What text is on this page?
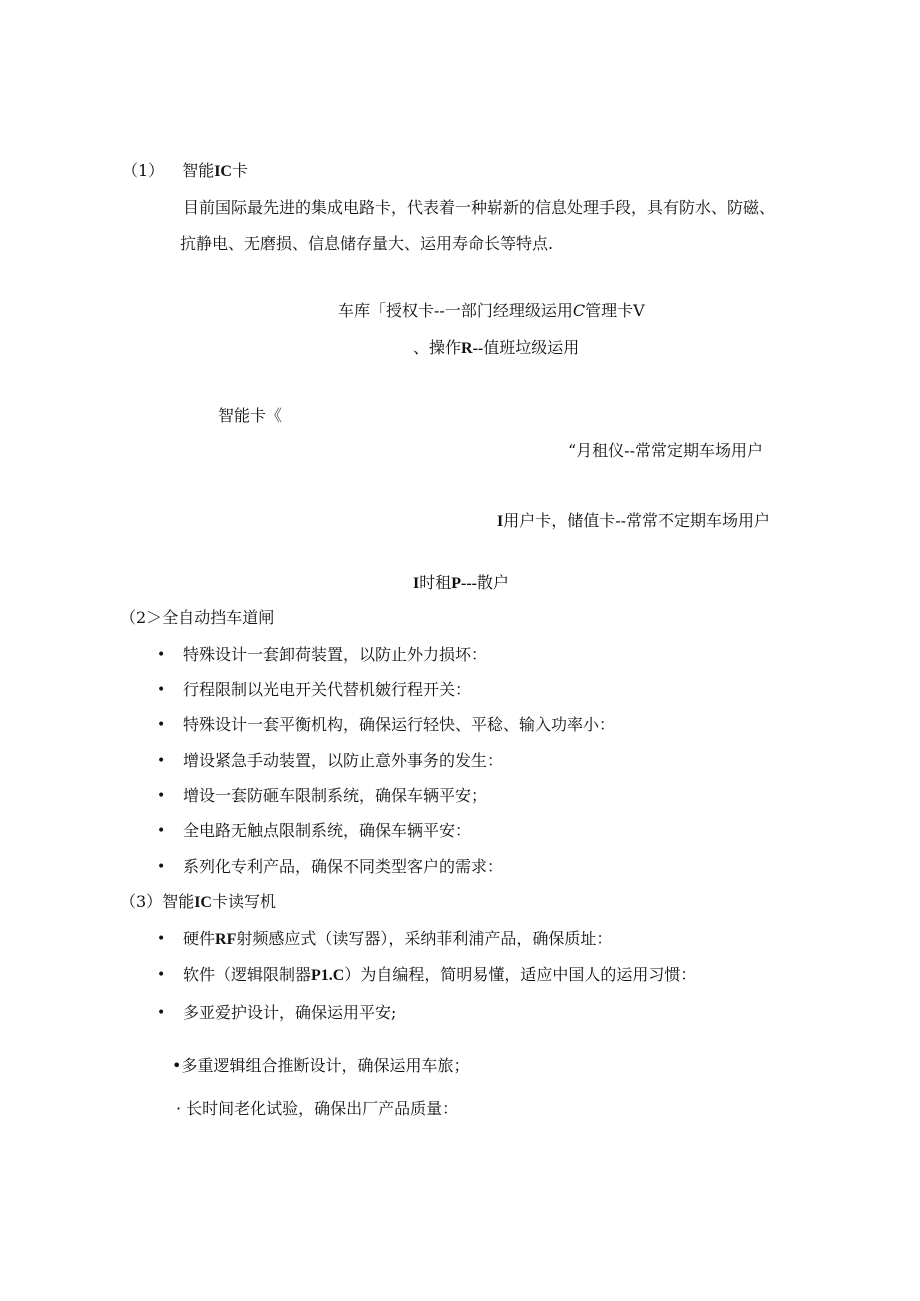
（1） 智能IC卡
目前国际最先进的集成电路卡，代表着一种崭新的信息处理手段，具有防水、防磁、
抗静电、无磨损、信息储存量大、运用寿命长等特点.
车库「授权卡--一部门经理级运用C管理卡V
、操作R--值班垃级运用
智能卡《
“月租仪--常常定期车场用户
I用户卡，储值卡--常常不定期车场用户
I时租P---散户
（2＞全自动挡车道闸
• 特殊设计一套卸荷装置，以防止外力损坏：
• 行程限制以光电开关代替机皴行程开关：
• 特殊设计一套平衡机构，确保运行轻快、平稔、输入功率小：
• 增设紧急手动装置，以防止意外事务的发生：
• 增设一套防砸车限制系统，确保车辆平安；
• 全电路无触点限制系统，确保车辆平安：
• 系列化专利产品，确保不同类型客户的需求：
（3）智能IC卡读写机
• 硬件RF射频感应式（读写器），采纳菲利浦产品，确保质址：
• 软件（逻辑限制器P1.C）为自编程，简明易懂，适应中国人的运用习惯：
• 多亚爱护设计，确保运用平安;
•多重逻辑组合推断设计，确保运用车旅；
· 长时间老化试验，确保出厂产品质量：
